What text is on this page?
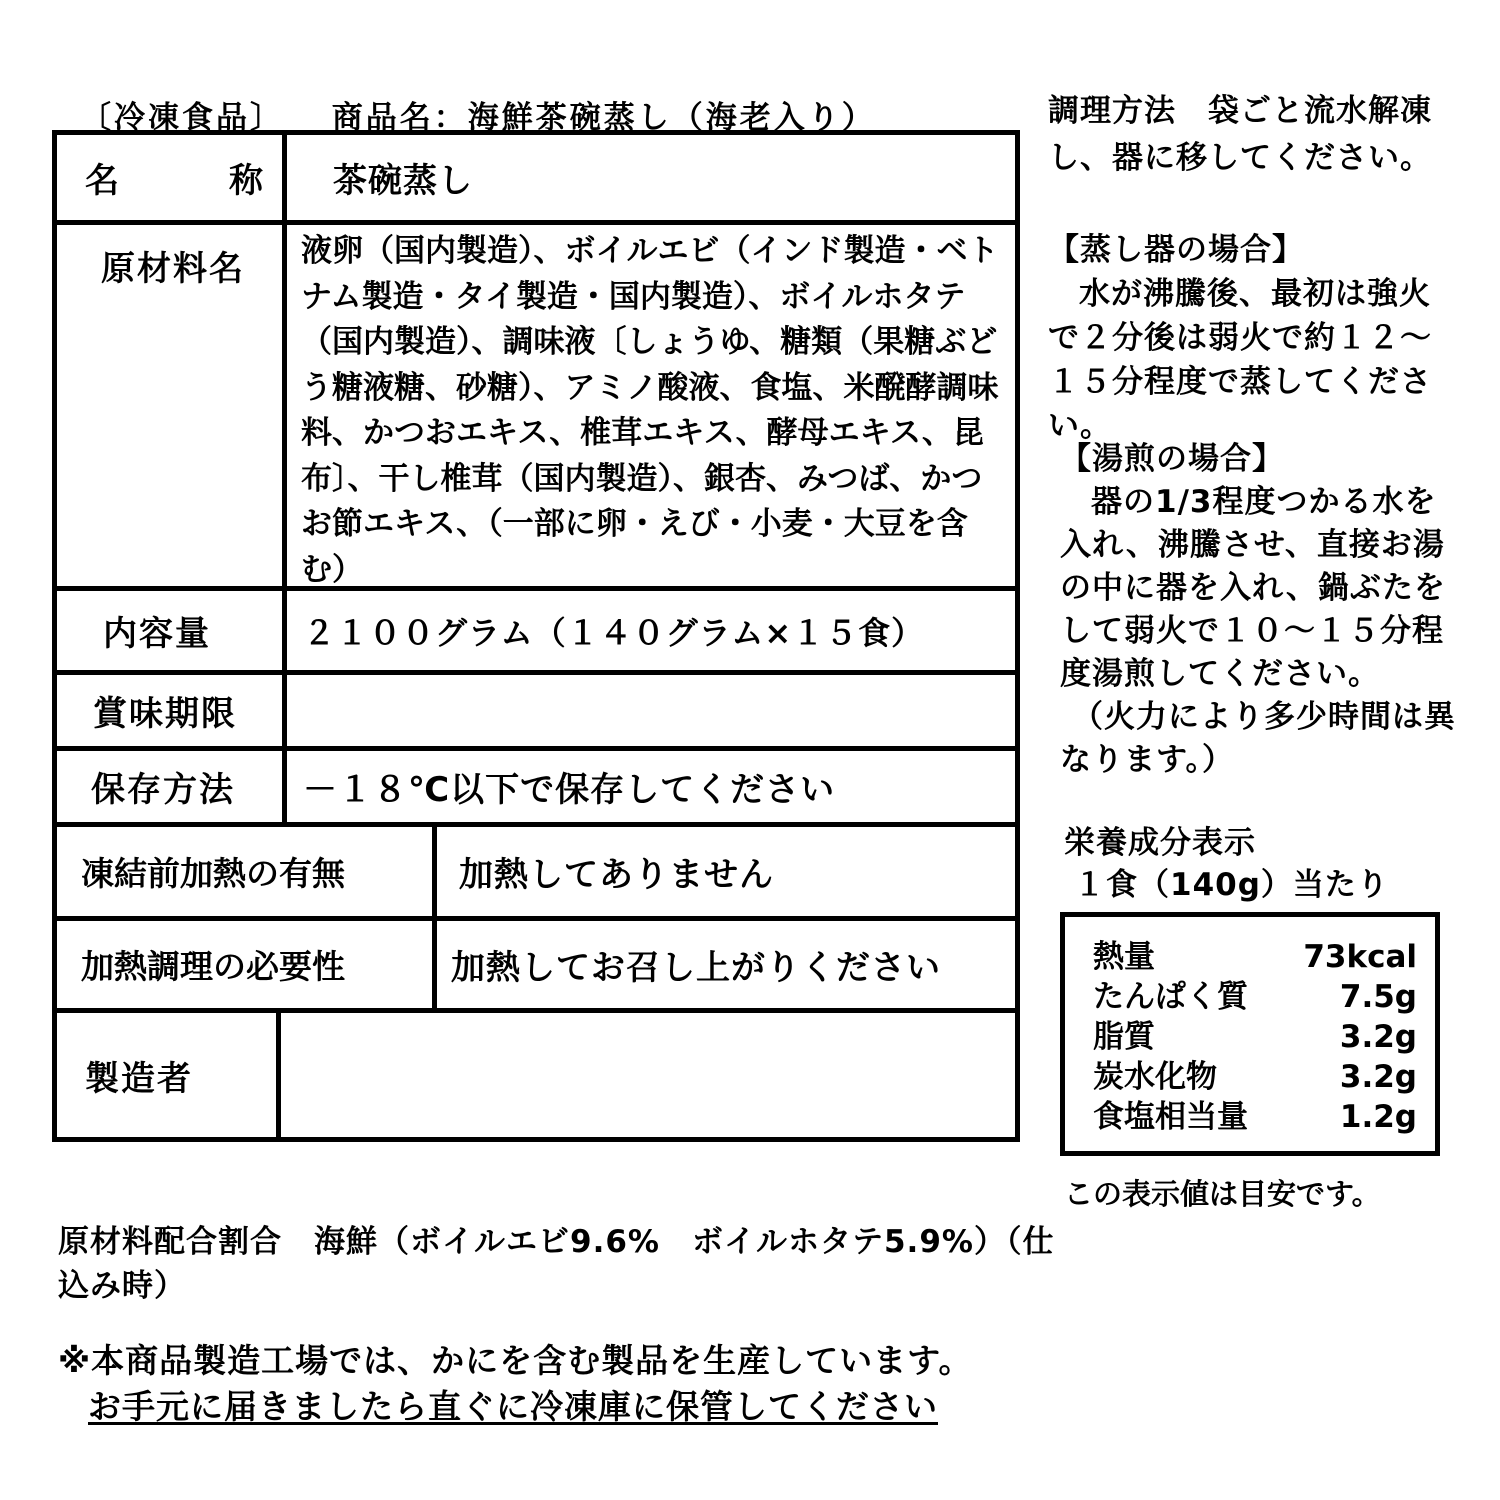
〔冷凍食品〕 商品名：海鮮茶碗蒸し（海老入り）
名　　　称	茶碗蒸し
原材料名	液卵（国内製造）、ボイルエビ（インド製造・ベトナム製造・タイ製造・国内製造）、ボイルホタテ（国内製造）、調味液〔しょうゆ、糖類（果糖ぶどう糖液糖、砂糖）、アミノ酸液、食塩、米醗酵調味料、かつおエキス、椎茸エキス、酵母エキス、昆布〕、干し椎茸（国内製造）、銀杏、みつば、かつお節エキス、（一部に卵・えび・小麦・大豆を含む）
内容量	２１００グラム（１４０グラム×１５食）
賞味期限
保存方法	－１８℃以下で保存してください
凍結前加熱の有無	加熱してありません
加熱調理の必要性	加熱してお召し上がりください
製造者
調理方法　袋ごと流水解凍し、器に移してください。
【蒸し器の場合】
水が沸騰後、最初は強火で２分後は弱火で約１２～１５分程度で蒸してください。
【湯煎の場合】
器の1/3程度つかる水を入れ、沸騰させ、直接お湯の中に器を入れ、鍋ぶたをして弱火で１０～１５分程度湯煎してください。
（火力により多少時間は異なります。）
栄養成分表示
１食（140g）当たり
熱量	73kcal
たんぱく質	7.5g
脂質	3.2g
炭水化物	3.2g
食塩相当量	1.2g
この表示値は目安です。
原材料配合割合　海鮮（ボイルエビ9.6%　ボイルホタテ5.9%）（仕込み時）
※本商品製造工場では、かにを含む製品を生産しています。
お手元に届きましたら直ぐに冷凍庫に保管してください
